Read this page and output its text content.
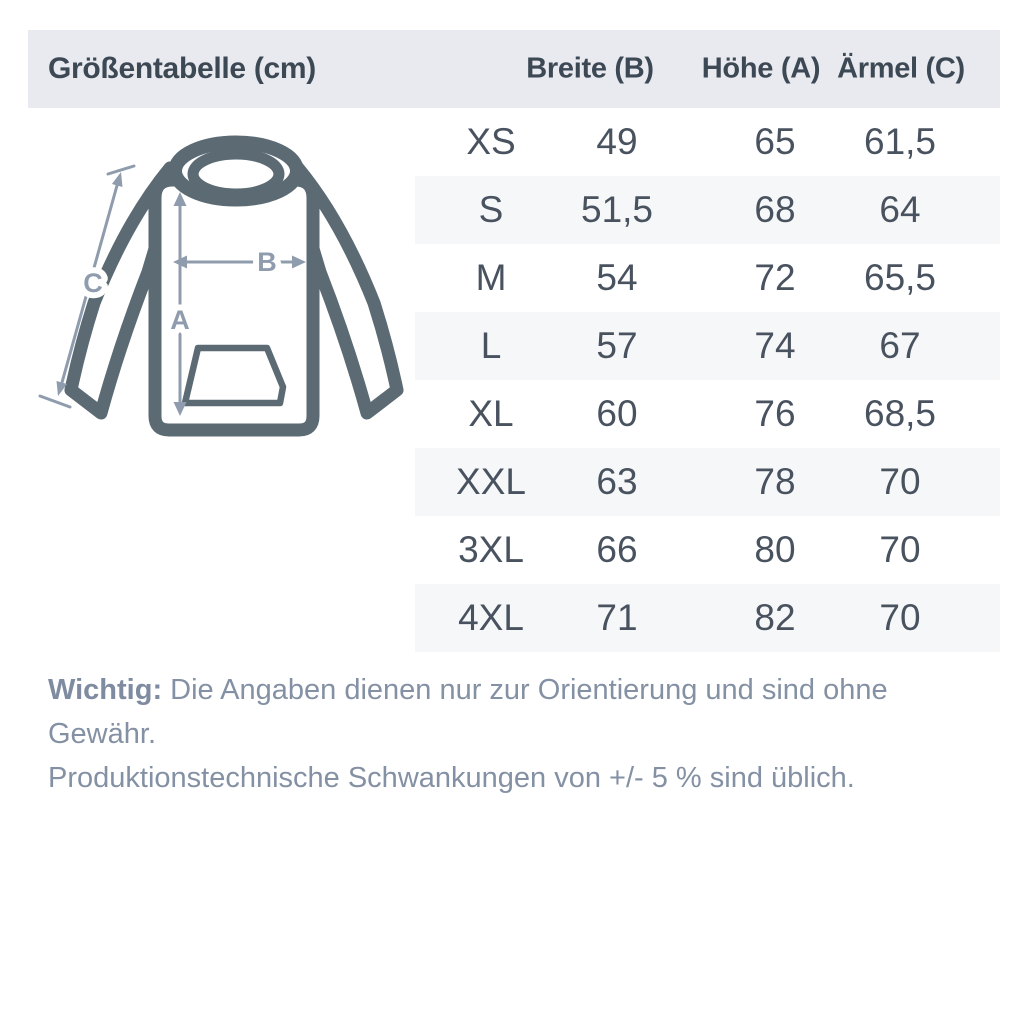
Größentabelle (cm)	Breite (B) Höhe (A) Ärmel (C)
A
B
C
XS 49	65 61,5
S 51,5	68 64
M 54	72 65,5
L	57	74 67
XL 60	76 68,5
XXL 63	78 70
3XL 66	80 70
4XL 71	82 70
Wichtig: Die Angaben dienen nur zur Orientierung und sind ohne Gewähr.
Produktionstechnische Schwankungen von +/- 5 % sind üblich.
